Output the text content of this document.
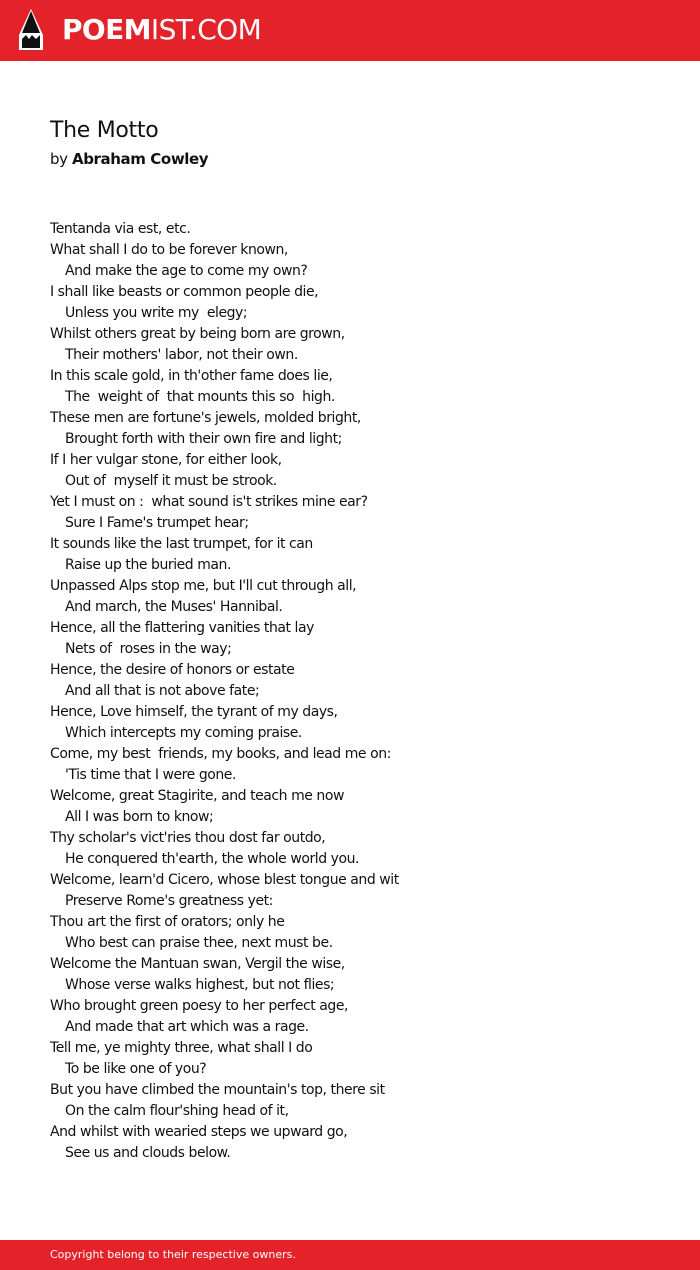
POEMIST.COM
The Motto
by Abraham Cowley
Tentanda via est, etc.
What shall I do to be forever known,
And make the age to come my own?
I shall like beasts or common people die,
Unless you write my  elegy;
Whilst others great by being born are grown,
Their mothers' labor, not their own.
In this scale gold, in th'other fame does lie,
The  weight of  that mounts this so  high.
These men are fortune's jewels, molded bright,
Brought forth with their own fire and light;
If I her vulgar stone, for either look,
Out of  myself it must be strook.
Yet I must on :  what sound is't strikes mine ear?
Sure I Fame's trumpet hear;
It sounds like the last trumpet, for it can
Raise up the buried man.
Unpassed Alps stop me, but I'll cut through all,
And march, the Muses' Hannibal.
Hence, all the flattering vanities that lay
Nets of  roses in the way;
Hence, the desire of honors or estate
And all that is not above fate;
Hence, Love himself, the tyrant of my days,
Which intercepts my coming praise.
Come, my best  friends, my books, and lead me on:
'Tis time that I were gone.
Welcome, great Stagirite, and teach me now
All I was born to know;
Thy scholar's vict'ries thou dost far outdo,
He conquered th'earth, the whole world you.
Welcome, learn'd Cicero, whose blest tongue and wit
Preserve Rome's greatness yet:
Thou art the first of orators; only he
Who best can praise thee, next must be.
Welcome the Mantuan swan, Vergil the wise,
Whose verse walks highest, but not flies;
Who brought green poesy to her perfect age,
And made that art which was a rage.
Tell me, ye mighty three, what shall I do
To be like one of you?
But you have climbed the mountain's top, there sit
On the calm flour'shing head of it,
And whilst with wearied steps we upward go,
See us and clouds below.
Copyright belong to their respective owners.
